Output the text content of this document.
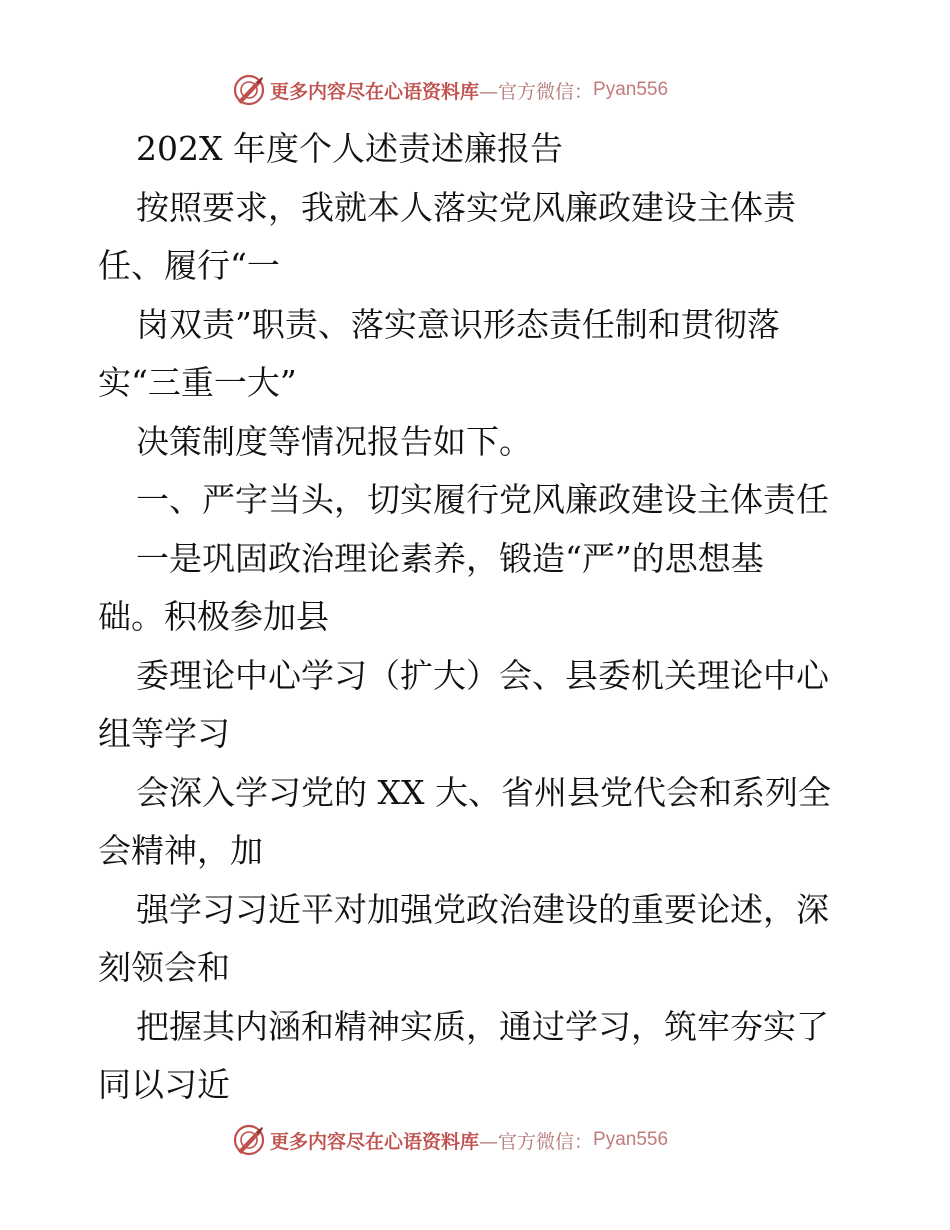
更多内容尽在心语资料库 —官方微信： Pyan556

202X 年度个人述责述廉报告

按照要求，我就本人落实党风廉政建设主体责

任、履行“一

岗双责”职责、落实意识形态责任制和贯彻落

实“三重一大”

决策制度等情况报告如下。

一、严字当头，切实履行党风廉政建设主体责任

一是巩固政治理论素养，锻造“严”的思想基

础。积极参加县

委理论中心学习（扩大）会、县委机关理论中心

组等学习

会深入学习党的 XX 大、省州县党代会和系列全

会精神，加

强学习习近平对加强党政治建设的重要论述，深

刻领会和

把握其内涵和精神实质，通过学习，筑牢夯实了

同以习近

更多内容尽在心语资料库 —官方微信： Pyan556
